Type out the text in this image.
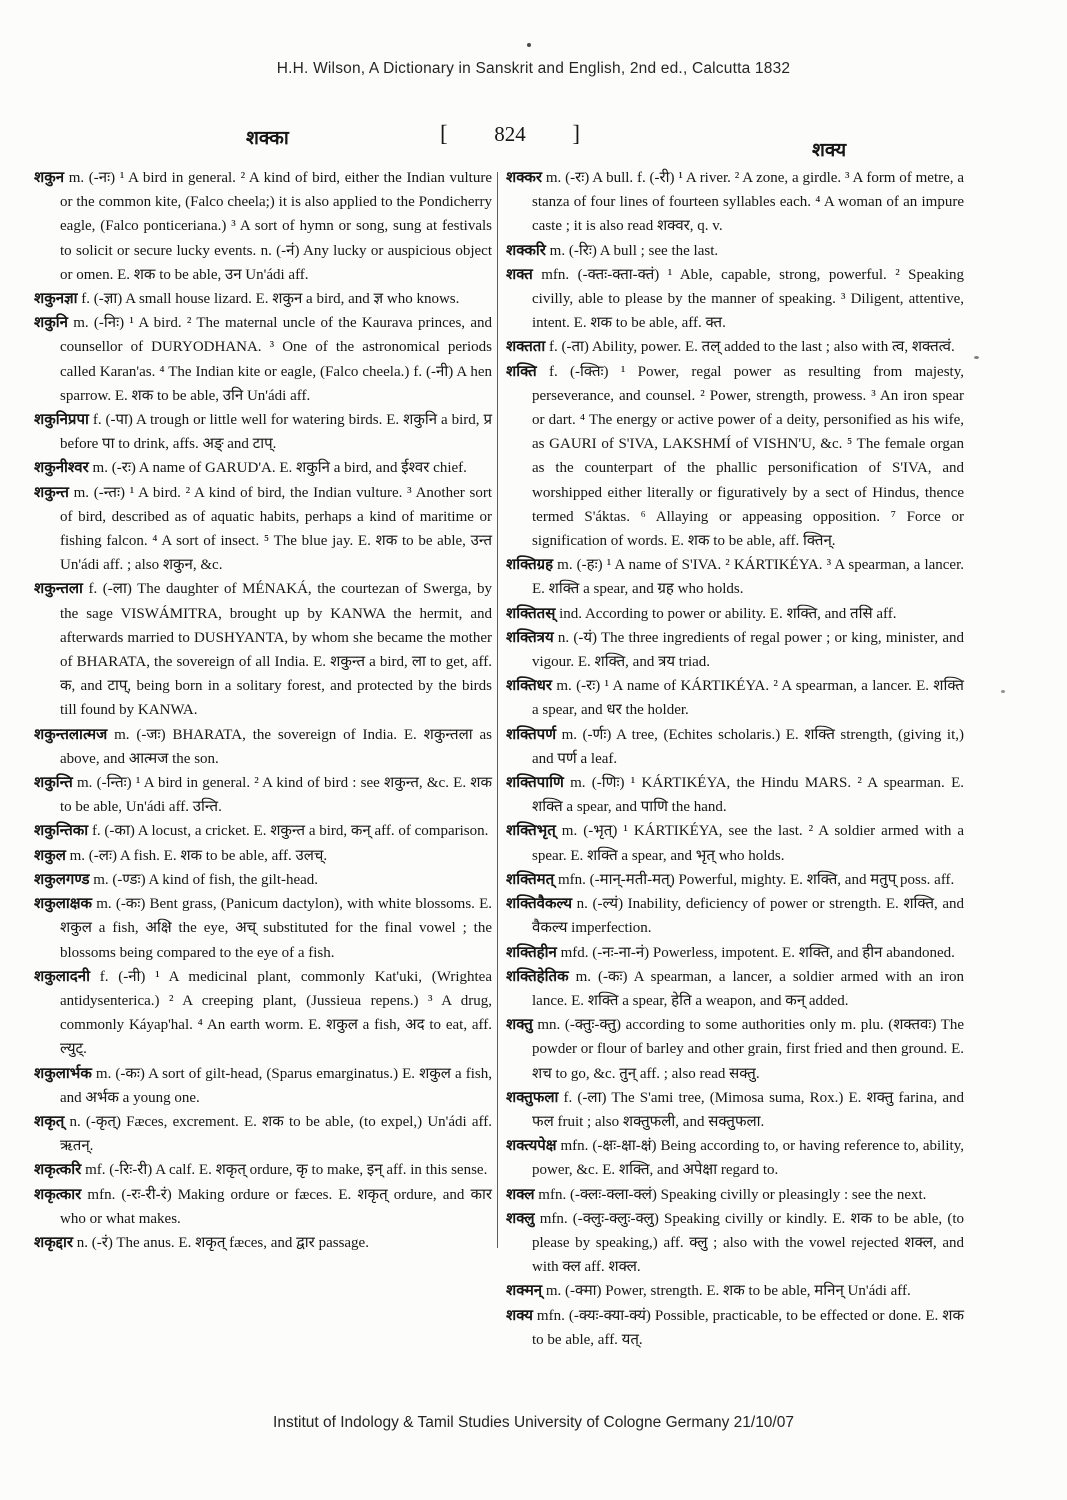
H.H. Wilson, A Dictionary in Sanskrit and English, 2nd ed., Calcutta 1832
शक्का	[ 824 ]
शक्य

शकुन m. (-नः) ¹ A bird in general. ² A kind of bird, either the Indian vulture or the common kite, (Falco cheela;) it is also applied to the Pondicherry eagle, (Falco ponticeriana.) ³ A sort of hymn or song, sung at festivals to solicit or secure lucky events. n. (-नं) Any lucky or auspicious object or omen. E. शक to be able, उन Un'ádi aff.

शकुनज्ञा f. (-ज्ञा) A small house lizard. E. शकुन a bird, and ज्ञ who knows.

शकुनि m. (-निः) ¹ A bird. ² The maternal uncle of the Kaurava princes, and counsellor of DURYODHANA. ³ One of the astronomical periods called Karan'as. ⁴ The Indian kite or eagle, (Falco cheela.) f. (-नी) A hen sparrow. E. शक to be able, उनि Un'ádi aff.

शकुनिप्रपा f. (-पा) A trough or little well for watering birds. E. शकुनि a bird, प्र before पा to drink, affs. अङ् and टाप्.

शकुनीश्वर m. (-रः) A name of GARUD'A. E. शकुनि a bird, and ईश्वर chief.

शकुन्त m. (-न्तः) ¹ A bird. ² A kind of bird, the Indian vulture. ³ Another sort of bird, described as of aquatic habits, perhaps a kind of maritime or fishing falcon. ⁴ A sort of insect. ⁵ The blue jay. E. शक to be able, उन्त Un'ádi aff. ; also शकुन, &c.

शकुन्तला f. (-ला) The daughter of MÉNAKÁ, the courtezan of Swerga, by the sage VISWÁMITRA, brought up by KANWA the hermit, and afterwards married to DUSHYANTA, by whom she became the mother of BHARATA, the sovereign of all India. E. शकुन्त a bird, ला to get, aff. क, and टाप्, being born in a solitary forest, and protected by the birds till found by KANWA.

शकुन्तलात्मज m. (-जः) BHARATA, the sovereign of India. E. शकुन्तला as above, and आत्मज the son.

शकुन्ति m. (-न्तिः) ¹ A bird in general. ² A kind of bird : see शकुन्त, &c. E. शक to be able, Un'ádi aff. उन्ति.

शकुन्तिका f. (-का) A locust, a cricket. E. शकुन्त a bird, कन् aff. of comparison.

शकुल m. (-लः) A fish. E. शक to be able, aff. उलच्.

शकुलगण्ड m. (-ण्डः) A kind of fish, the gilt-head.

शकुलाक्षक m. (-कः) Bent grass, (Panicum dactylon), with white blossoms. E. शकुल a fish, अक्षि the eye, अच् substituted for the final vowel ; the blossoms being compared to the eye of a fish.

शकुलादनी f. (-नी) ¹ A medicinal plant, commonly Kat'uki, (Wrightea antidysenterica.) ² A creeping plant, (Jussieua repens.) ³ A drug, commonly Káyap'hal. ⁴ An earth worm. E. शकुल a fish, अद to eat, aff. ल्युट्.

शकुलार्भक m. (-कः) A sort of gilt-head, (Sparus emarginatus.) E. शकुल a fish, and अर्भक a young one.

शकृत् n. (-कृत्) Fæces, excrement. E. शक to be able, (to expel,) Un'ádi aff. ऋतन्.

शकृत्करि mf. (-रिः-री) A calf. E. शकृत् ordure, कृ to make, इन् aff. in this sense.

शकृत्कार mfn. (-रः-री-रं) Making ordure or fæces. E. शकृत् ordure, and कार who or what makes.

शकृद्दार n. (-रं) The anus. E. शकृत् fæces, and द्वार passage.

शक्कर m. (-रः) A bull. f. (-री) ¹ A river. ² A zone, a girdle. ³ A form of metre, a stanza of four lines of fourteen syllables each. ⁴ A woman of an impure caste ; it is also read शक्वर, q. v.

शक्करि m. (-रिः) A bull ; see the last.

शक्त mfn. (-क्तः-क्ता-क्तं) ¹ Able, capable, strong, powerful. ² Speaking civilly, able to please by the manner of speaking. ³ Diligent, attentive, intent. E. शक to be able, aff. क्त.

शक्तता f. (-ता) Ability, power. E. तल् added to the last ; also with त्व, शक्तत्वं.

शक्ति f. (-क्तिः) ¹ Power, regal power as resulting from majesty, perseverance, and counsel. ² Power, strength, prowess. ³ An iron spear or dart. ⁴ The energy or active power of a deity, personified as his wife, as GAURI of S'IVA, LAKSHMÍ of VISHN'U, &c. ⁵ The female organ as the counterpart of the phallic personification of S'IVA, and worshipped either literally or figuratively by a sect of Hindus, thence termed S'áktas. ⁶ Allaying or appeasing opposition. ⁷ Force or signification of words. E. शक to be able, aff. क्तिन्.

शक्तिग्रह m. (-हः) ¹ A name of S'IVA. ² KÁRTIKÉYA. ³ A spearman, a lancer. E. शक्ति a spear, and ग्रह who holds.

शक्तितस् ind. According to power or ability. E. शक्ति, and तसि aff.

शक्तित्रय n. (-यं) The three ingredients of regal power ; or king, minister, and vigour. E. शक्ति, and त्रय triad.

शक्तिधर m. (-रः) ¹ A name of KÁRTIKÉYA. ² A spearman, a lancer. E. शक्ति a spear, and धर the holder.

शक्तिपर्ण m. (-र्णः) A tree, (Echites scholaris.) E. शक्ति strength, (giving it,) and पर्ण a leaf.

शक्तिपाणि m. (-णिः) ¹ KÁRTIKÉYA, the Hindu MARS. ² A spearman. E. शक्ति a spear, and पाणि the hand.

शक्तिभृत् m. (-भृत्) ¹ KÁRTIKÉYA, see the last. ² A soldier armed with a spear. E. शक्ति a spear, and भृत् who holds.

शक्तिमत् mfn. (-मान्-मती-मत्) Powerful, mighty. E. शक्ति, and मतुप् poss. aff.

शक्तिवैकल्य n. (-ल्यं) Inability, deficiency of power or strength. E. शक्ति, and वैकल्य imperfection.

शक्तिहीन mfd. (-नः-ना-नं) Powerless, impotent. E. शक्ति, and हीन abandoned.

शक्तिहेतिक m. (-कः) A spearman, a lancer, a soldier armed with an iron lance. E. शक्ति a spear, हेति a weapon, and कन् added.

शक्तु mn. (-क्तुः-क्तु) according to some authorities only m. plu. (शक्तवः) The powder or flour of barley and other grain, first fried and then ground. E. शच to go, &c. तुन् aff. ; also read सक्तु.

शक्तुफला f. (-ला) The S'ami tree, (Mimosa suma, Rox.) E. शक्तु farina, and फल fruit ; also शक्तुफली, and सक्तुफला.

शक्त्यपेक्ष mfn. (-क्षः-क्षा-क्षं) Being according to, or having reference to, ability, power, &c. E. शक्ति, and अपेक्षा regard to.

शक्ल mfn. (-क्लः-क्ला-क्लं) Speaking civilly or pleasingly : see the next.

शक्लु mfn. (-क्लुः-क्लुः-क्लु) Speaking civilly or kindly. E. शक to be able, (to please by speaking,) aff. क्लु ; also with the vowel rejected शक्ल, and with क्ल aff. शक्ल.

शक्मन् m. (-क्मा) Power, strength. E. शक to be able, मनिन् Un'ádi aff.

शक्य mfn. (-क्यः-क्या-क्यं) Possible, practicable, to be effected or done. E. शक to be able, aff. यत्.

Institut of Indology & Tamil Studies University of Cologne Germany 21/10/07
